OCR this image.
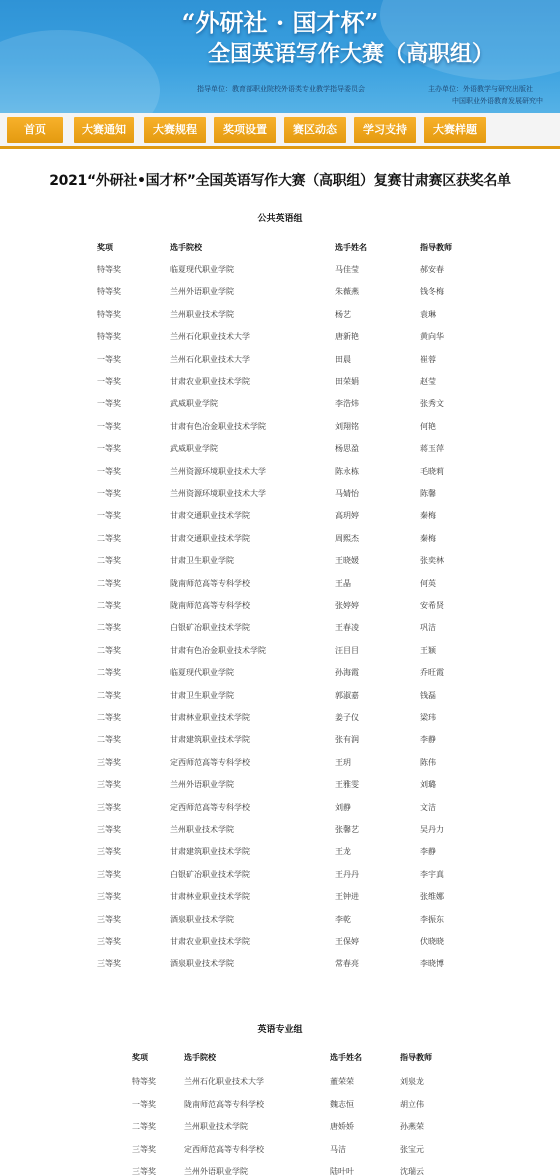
“外研社 · 国才杯”
全国英语写作大赛（高职组）
指导单位：教育部职业院校外语类专业教学指导委员会	主办单位：外语教学与研究出版社
中国职业外语教育发展研究中
首页	大赛通知	大赛规程	奖项设置	赛区动态	学习支持	大赛样题
2021“外研社•国才杯”全国英语写作大赛（高职组）复赛甘肃赛区获奖名单
公共英语组
奖项	选手院校	选手姓名	指导教师
特等奖	临夏现代职业学院	马佳莹	郝安春
特等奖	兰州外语职业学院	朱薇燕	钱冬梅
特等奖	兰州职业技术学院	杨艺	袁琳
特等奖	兰州石化职业技术大学	唐新艳	黄向华
一等奖	兰州石化职业技术大学	田晨	崔蓉
一等奖	甘肃农业职业技术学院	田荣娟	赵莹
一等奖	武威职业学院	李浩炜	张秀文
一等奖	甘肃有色冶金职业技术学院	刘翔铭	何艳
一等奖	武威职业学院	杨思盈	蒋玉萍
一等奖	兰州资源环境职业技术大学	陈永栋	毛晓莉
一等奖	兰州资源环境职业技术大学	马婧怡	陈馨
一等奖	甘肃交通职业技术学院	高玥婷	秦梅
二等奖	甘肃交通职业技术学院	周熙杰	秦梅
二等奖	甘肃卫生职业学院	王晓媛	张奕林
二等奖	陇南师范高等专科学校	王晶	何英
二等奖	陇南师范高等专科学校	张婷婷	安希贤
二等奖	白银矿冶职业技术学院	王春凌	巩洁
二等奖	甘肃有色冶金职业技术学院	汪目目	王颖
二等奖	临夏现代职业学院	孙海霞	乔旺霞
二等奖	甘肃卫生职业学院	郭淑嘉	钱磊
二等奖	甘肃林业职业技术学院	姜子仪	梁玮
二等奖	甘肃建筑职业技术学院	张有润	李静
三等奖	定西师范高等专科学校	王玥	陈伟
三等奖	兰州外语职业学院	王雅雯	刘璐
三等奖	定西师范高等专科学校	刘静	文洁
三等奖	兰州职业技术学院	张馨艺	吴丹力
三等奖	甘肃建筑职业技术学院	王龙	李静
三等奖	白银矿冶职业技术学院	王丹丹	李宇真
三等奖	甘肃林业职业技术学院	王钟进	张维娜
三等奖	酒泉职业技术学院	李乾	李振东
三等奖	甘肃农业职业技术学院	王保婷	伏晓晓
三等奖	酒泉职业技术学院	常春亮	李晓博
英语专业组
奖项	选手院校	选手姓名	指导教师
特等奖	兰州石化职业技术大学	董荣荣	刘泉龙
一等奖	陇南师范高等专科学校	魏志恒	胡立伟
二等奖	兰州职业技术学院	唐娇娇	孙燕荣
三等奖	定西师范高等专科学校	马洁	张宝元
三等奖	兰州外语职业学院	陆叶叶	沈瑞云
